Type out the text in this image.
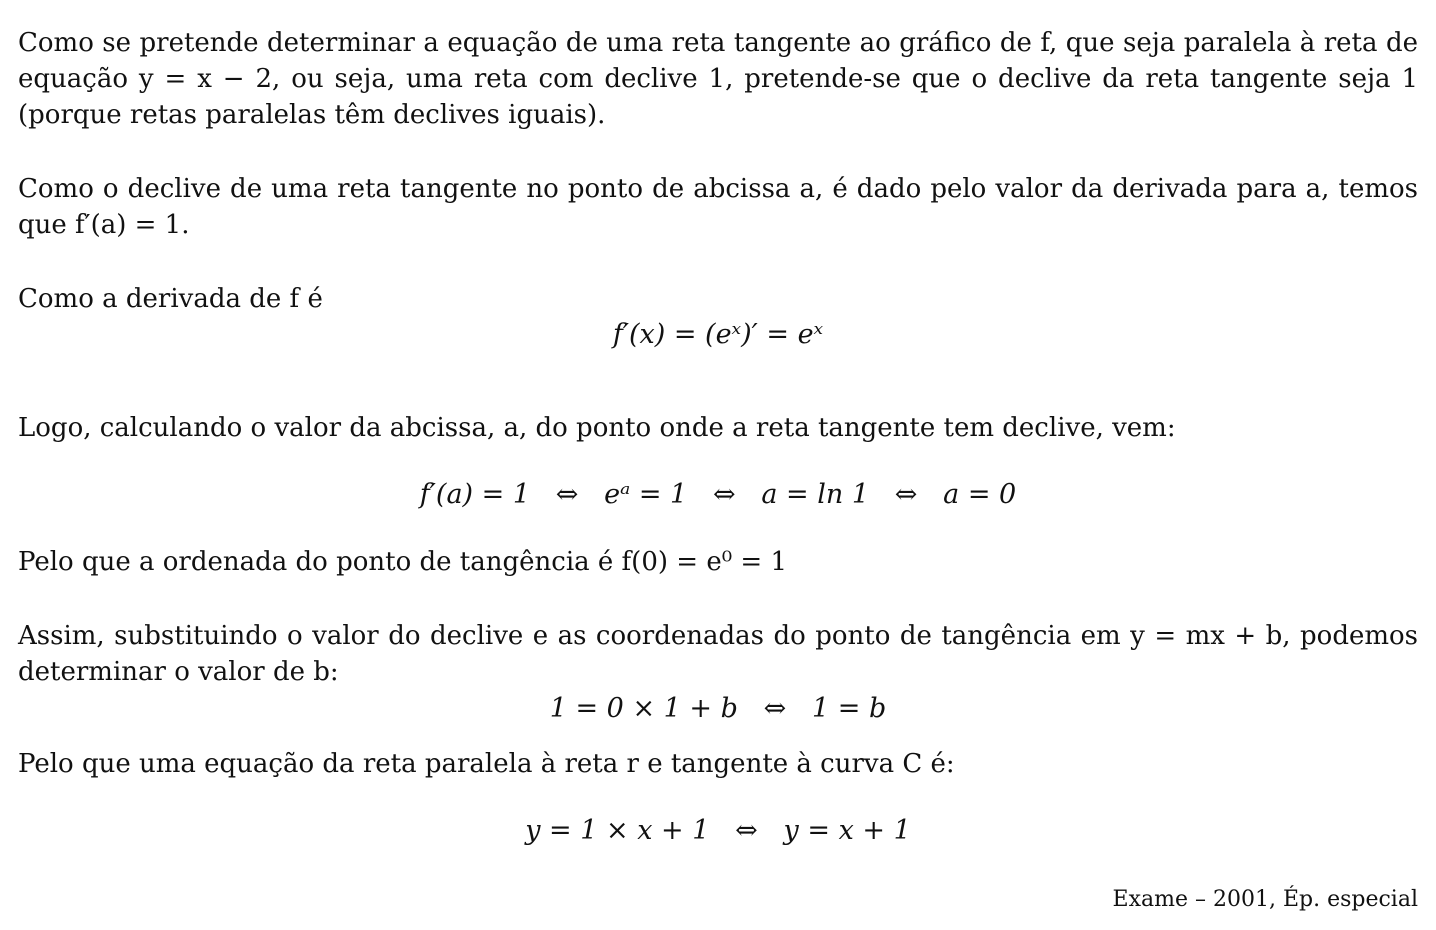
Como se pretende determinar a equação de uma reta tangente ao gráfico de f, que seja paralela à reta de equação y = x − 2, ou seja, uma reta com declive 1, pretende-se que o declive da reta tangente seja 1 (porque retas paralelas têm declives iguais).
Como o declive de uma reta tangente no ponto de abcissa a, é dado pelo valor da derivada para a, temos que f′(a) = 1.
Como a derivada de f é
f′(x) = (eˣ)′ = eˣ
Logo, calculando o valor da abcissa, a, do ponto onde a reta tangente tem declive, vem:
f′(a) = 1   ⇔   eᵃ = 1   ⇔   a = ln 1   ⇔   a = 0
Pelo que a ordenada do ponto de tangência é f(0) = e⁰ = 1
Assim, substituindo o valor do declive e as coordenadas do ponto de tangência em y = mx + b, podemos determinar o valor de b:
1 = 0 × 1 + b   ⇔   1 = b
Pelo que uma equação da reta paralela à reta r e tangente à curva C é:
y = 1 × x + 1   ⇔   y = x + 1
Exame – 2001, Ép. especial
